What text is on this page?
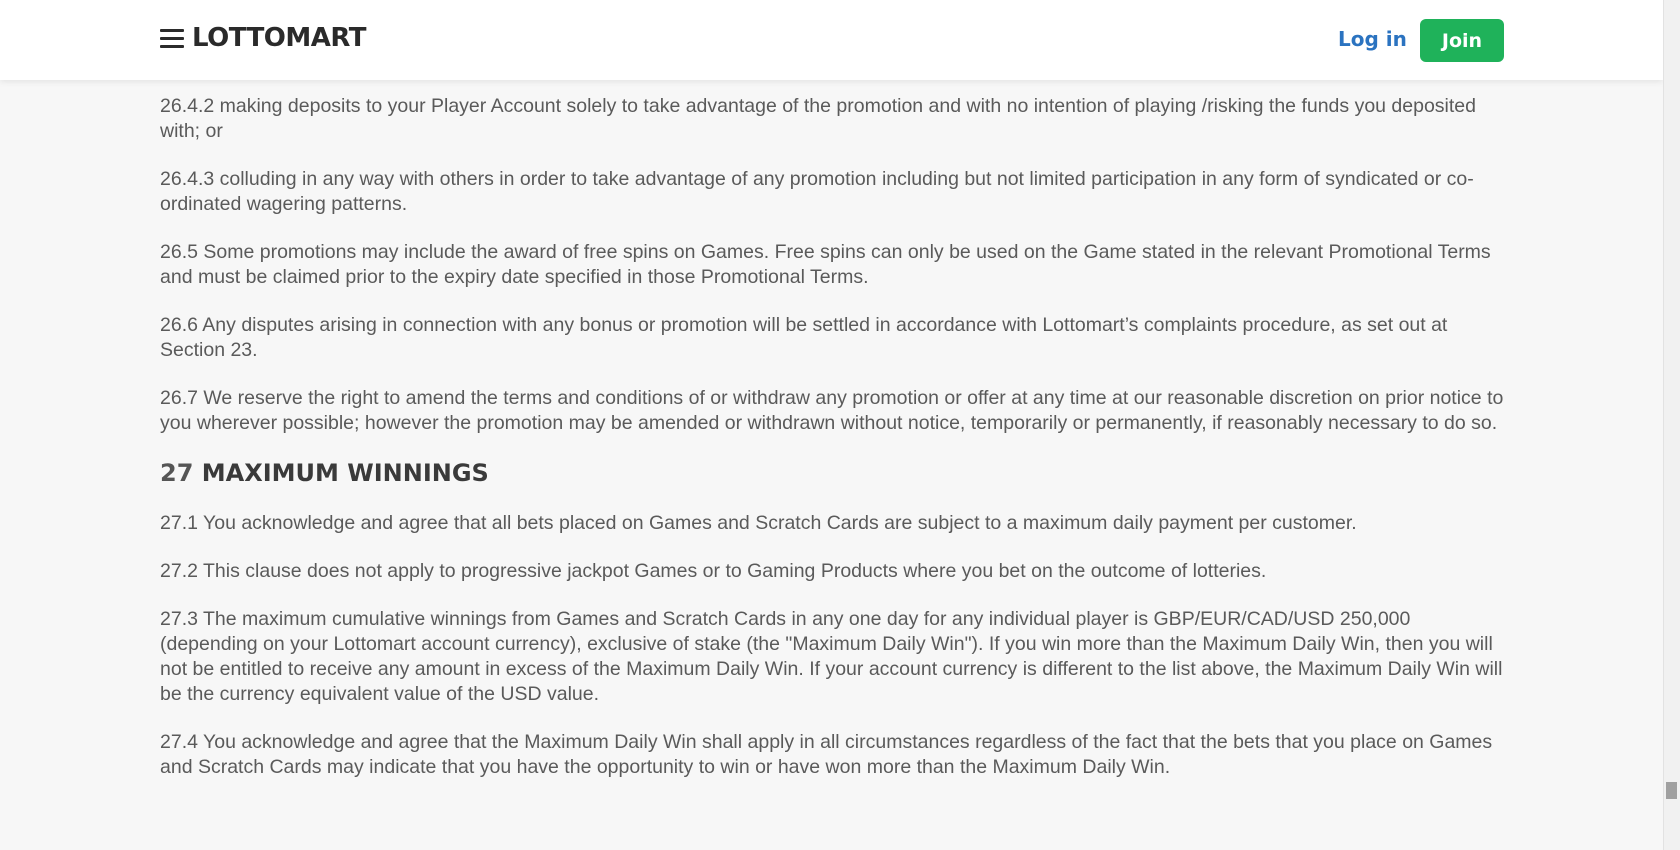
LOTTOMART	Log in	Join

26.4.2 making deposits to your Player Account solely to take advantage of the promotion and with no intention of playing /risking the funds you deposited with; or

26.4.3 colluding in any way with others in order to take advantage of any promotion including but not limited participation in any form of syndicated or co-ordinated wagering patterns.

26.5 Some promotions may include the award of free spins on Games. Free spins can only be used on the Game stated in the relevant Promotional Terms and must be claimed prior to the expiry date specified in those Promotional Terms.

26.6 Any disputes arising in connection with any bonus or promotion will be settled in accordance with Lottomart’s complaints procedure, as set out at Section 23.

26.7 We reserve the right to amend the terms and conditions of or withdraw any promotion or offer at any time at our reasonable discretion on prior notice to you wherever possible; however the promotion may be amended or withdrawn without notice, temporarily or permanently, if reasonably necessary to do so.

27 MAXIMUM WINNINGS

27.1 You acknowledge and agree that all bets placed on Games and Scratch Cards are subject to a maximum daily payment per customer.

27.2 This clause does not apply to progressive jackpot Games or to Gaming Products where you bet on the outcome of lotteries.

27.3 The maximum cumulative winnings from Games and Scratch Cards in any one day for any individual player is GBP/EUR/CAD/USD 250,000 (depending on your Lottomart account currency), exclusive of stake (the "Maximum Daily Win"). If you win more than the Maximum Daily Win, then you will not be entitled to receive any amount in excess of the Maximum Daily Win. If your account currency is different to the list above, the Maximum Daily Win will be the currency equivalent value of the USD value.

27.4 You acknowledge and agree that the Maximum Daily Win shall apply in all circumstances regardless of the fact that the bets that you place on Games and Scratch Cards may indicate that you have the opportunity to win or have won more than the Maximum Daily Win.
